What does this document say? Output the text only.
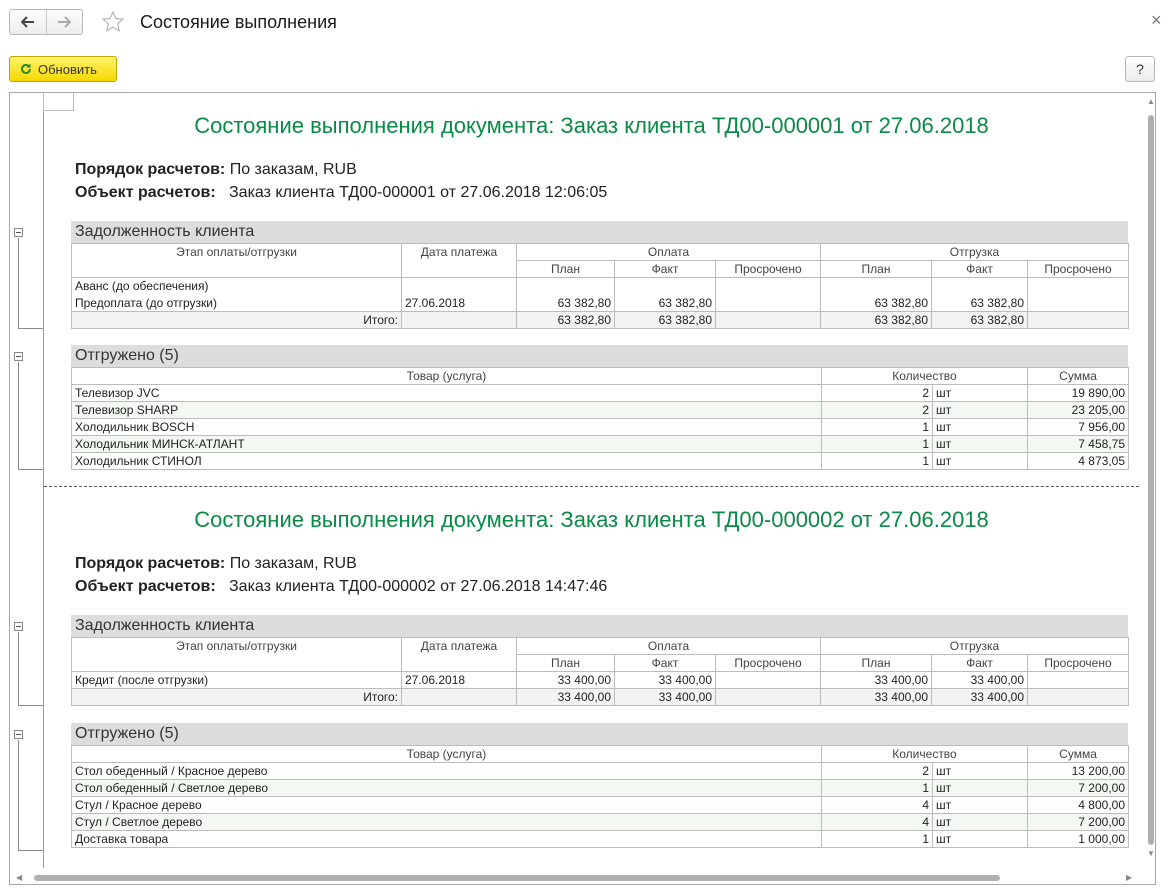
Состояние выполнения	×
Обновить	?
Состояние выполнения документа: Заказ клиента ТД00-000001 от 27.06.2018
Порядок расчетов: По заказам, RUB
Объект расчетов: Заказ клиента ТД00-000001 от 27.06.2018 12:06:05
Задолженность клиента
Этап оплаты/отгрузки	Дата платежа	Оплата			Отгрузка		
		План	Факт	Просрочено	План	Факт	Просрочено
Аванс (до обеспечения)							
Предоплата (до отгрузки)	27.06.2018	63 382,80	63 382,80		63 382,80	63 382,80	
Итого:		63 382,80	63 382,80		63 382,80	63 382,80	
Отгружено (5)
Товар (услуга)	Количество		Сумма
Телевизор JVC	2	шт	19 890,00
Телевизор SHARP	2	шт	23 205,00
Холодильник BOSCH	1	шт	7 956,00
Холодильник МИНСК-АТЛАНТ	1	шт	7 458,75
Холодильник СТИНОЛ	1	шт	4 873,05
Состояние выполнения документа: Заказ клиента ТД00-000002 от 27.06.2018
Порядок расчетов: По заказам, RUB
Объект расчетов: Заказ клиента ТД00-000002 от 27.06.2018 14:47:46
Задолженность клиента
Этап оплаты/отгрузки	Дата платежа	Оплата			Отгрузка		
		План	Факт	Просрочено	План	Факт	Просрочено
Кредит (после отгрузки)	27.06.2018	33 400,00	33 400,00		33 400,00	33 400,00	
Итого:		33 400,00	33 400,00		33 400,00	33 400,00	
Отгружено (5)
Товар (услуга)	Количество		Сумма
Стол обеденный / Красное дерево	2	шт	13 200,00
Стол обеденный / Светлое дерево	1	шт	7 200,00
Стул / Красное дерево	4	шт	4 800,00
Стул / Светлое дерево	4	шт	7 200,00
Доставка товара	1	шт	1 000,00
▲
▼
◀	▶
